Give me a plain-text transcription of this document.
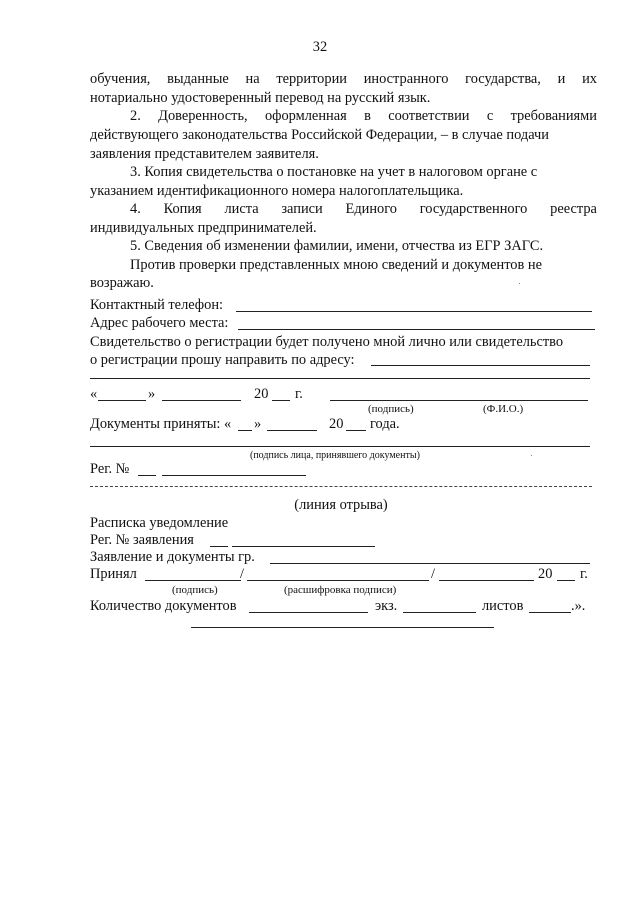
32
обучения, выданные на территории иностранного государства, и их
нотариально удостоверенный перевод на русский язык.
2. Доверенность, оформленная в соответствии с требованиями
действующего законодательства Российской Федерации, – в случае подачи
заявления представителем заявителя.
3. Копия свидетельства о постановке на учет в налоговом органе с
указанием идентификационного номера налогоплательщика.
4. Копия листа записи Единого государственного реестра
индивидуальных предпринимателей.
5. Сведения об изменении фамилии, имени, отчества из ЕГР ЗАГС.
Против проверки представленных мною сведений и документов не
возражаю.
Контактный телефон:
Адрес рабочего места:
Свидетельство о регистрации будет получено мной лично или свидетельство
о регистрации прошу направить по адресу:
«	»	20 г.
(подпись)	(Ф.И.О.)
Документы приняты: « »	20 года.
(подпись лица, принявшего документы)
Рег. №
(линия отрыва)
Расписка уведомление
Рег. № заявления
Заявление и документы гр.
Принял	/	/	20 г.
(подпись)	(расшифровка подписи)
Количество документов	экз.	листов	.».
